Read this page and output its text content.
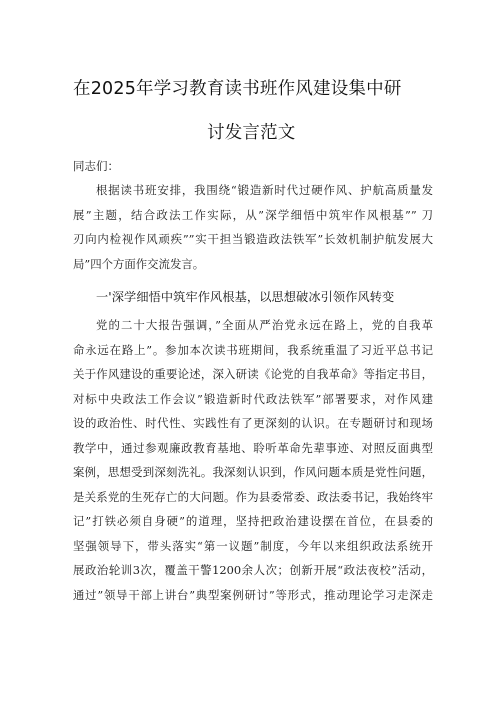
在2025年学习教育读书班作风建设集中研
讨发言范文
同志们：
根据读书班安排，我围绕“锻造新时代过硬作风、护航高质量发
展”主题，结合政法工作实际，从”深学细悟中筑牢作风根基”” 刀
刃向内检视作风顽疾””实干担当锻造政法铁军”长效机制护航发展大
局”四个方面作交流发言。
一'深学细悟中筑牢作风根基，以思想破冰引领作风转变
党的二十大报告强调，”全面从严治党永远在路上，党的自我革
命永远在路上”。参加本次读书班期间，我系统重温了习近平总书记
关于作风建设的重要论述，深入研读《论党的自我革命》等指定书目，
对标中央政法工作会议”锻造新时代政法铁军”部署要求，对作风建
设的政治性、时代性、实践性有了更深刻的认识。在专题研讨和现场
教学中，通过参观廉政教育基地、聆听革命先辈事迹、对照反面典型
案例，思想受到深刻洗礼。我深刻认识到，作风问题本质是党性问题，
是关系党的生死存亡的大问题。作为县委常委、政法委书记，我始终牢
记”打铁必须自身硬”的道理，坚持把政治建设摆在首位，在县委的
坚强领导下，带头落实“第一议题”制度，今年以来组织政法系统开
展政治轮训3次，覆盖干警1200余人次；创新开展“政法夜校”活动，
通过”领导干部上讲台”典型案例研讨”等形式，推动理论学习走深走
